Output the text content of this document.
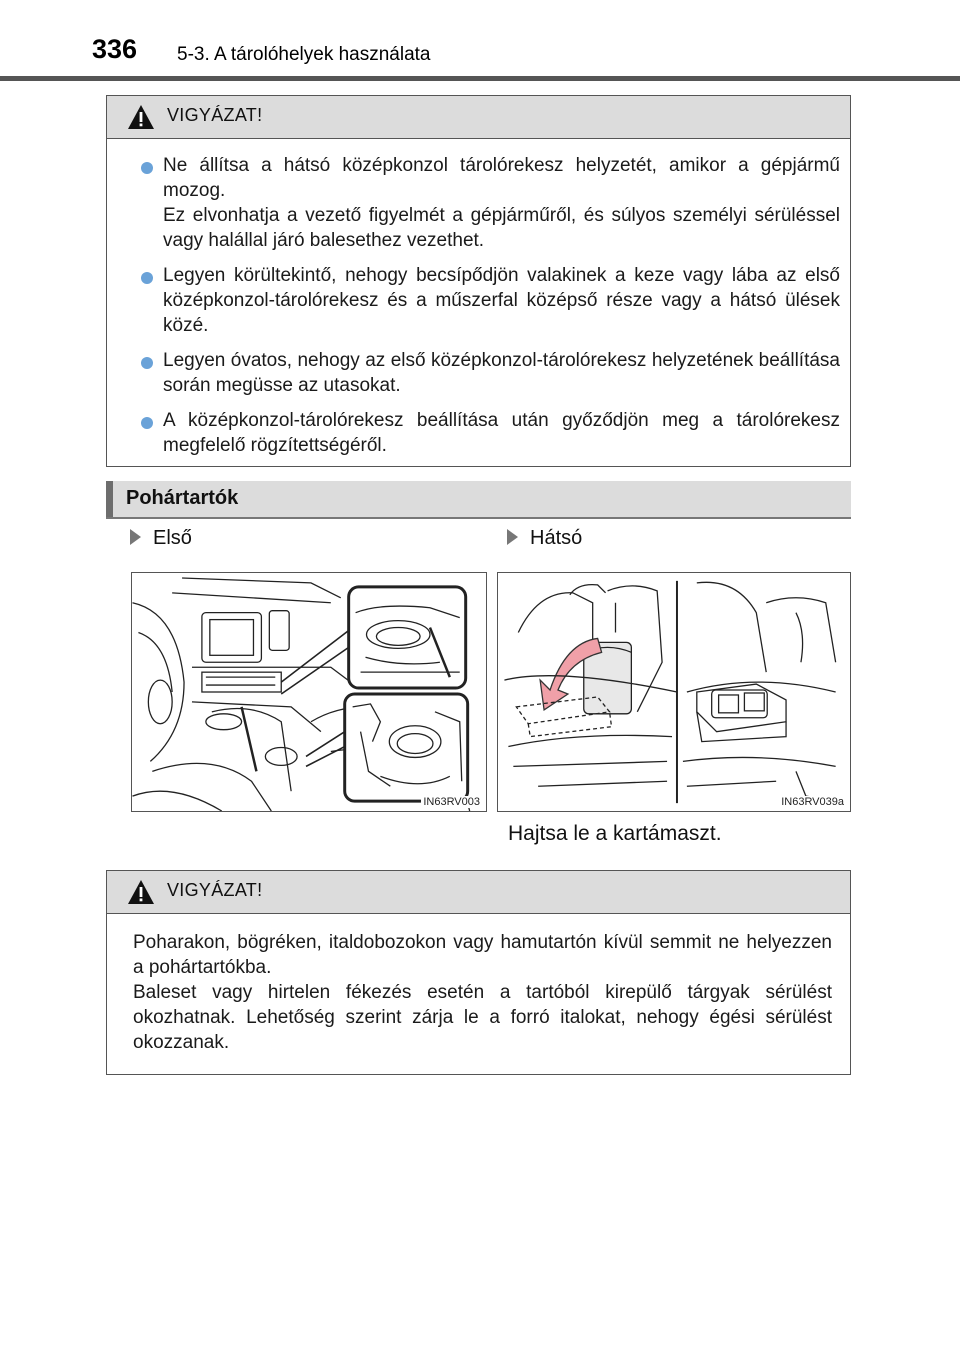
336 5-3. A tárolóhelyek használata
VIGYÁZAT!
Ne állítsa a hátsó középkonzol tárolórekesz helyzetét, amikor a gépjármű mozog.
Ez elvonhatja a vezető figyelmét a gépjárműről, és súlyos személyi sérüléssel vagy halállal járó balesethez vezethet.
Legyen körültekintő, nehogy becsípődjön valakinek a keze vagy lába az első középkonzol-tárolórekesz és a műszerfal középső része vagy a hátsó ülések közé.
Legyen óvatos, nehogy az első középkonzol-tárolórekesz helyzetének beállítása során megüsse az utasokat.
A középkonzol-tárolórekesz beállítása után győződjön meg a tárolórekesz megfelelő rögzítettségéről.
Pohártartók
Első	Hátsó
IN63RV003	IN63RV039a
Hajtsa le a kartámaszt.
VIGYÁZAT!
Poharakon, bögréken, italdobozokon vagy hamutartón kívül semmit ne helyezzen a pohártartókba.
Baleset vagy hirtelen fékezés esetén a tartóból kirepülő tárgyak sérülést okozhatnak. Lehetőség szerint zárja le a forró italokat, nehogy égési sérülést okozzanak.
